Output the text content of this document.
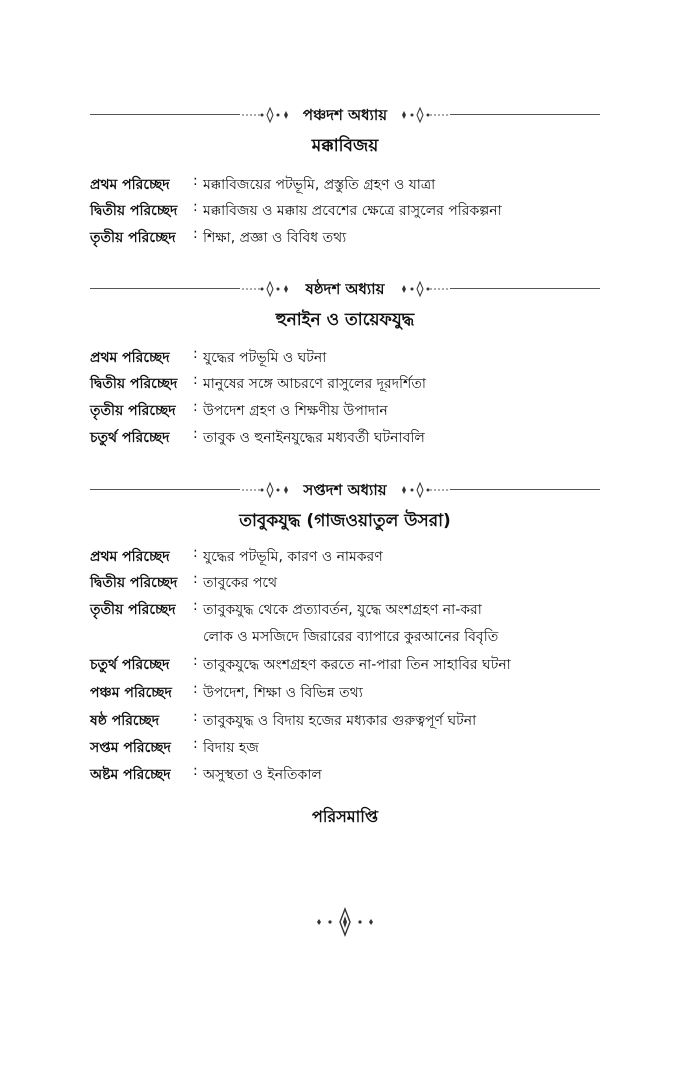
পঞ্চদশ অধ্যায়
মক্কাবিজয়
প্রথম পরিচ্ছেদ : মক্কাবিজয়ের পটভূমি, প্রস্তুতি গ্রহণ ও যাত্রা
দ্বিতীয় পরিচ্ছেদ : মক্কাবিজয় ও মক্কায় প্রবেশের ক্ষেত্রে রাসুলের পরিকল্পনা
তৃতীয় পরিচ্ছেদ : শিক্ষা, প্রজ্ঞা ও বিবিধ তথ্য
ষষ্ঠদশ অধ্যায়
হুনাইন ও তায়েফযুদ্ধ
প্রথম পরিচ্ছেদ : যুদ্ধের পটভূমি ও ঘটনা
দ্বিতীয় পরিচ্ছেদ : মানুষের সঙ্গে আচরণে রাসুলের দূরদর্শিতা
তৃতীয় পরিচ্ছেদ : উপদেশ গ্রহণ ও শিক্ষণীয় উপাদান
চতুর্থ পরিচ্ছেদ : তাবুক ও হুনাইনযুদ্ধের মধ্যবর্তী ঘটনাবলি
সপ্তদশ অধ্যায়
তাবুকযুদ্ধ (গাজওয়াতুল উসরা)
প্রথম পরিচ্ছেদ : যুদ্ধের পটভূমি, কারণ ও নামকরণ
দ্বিতীয় পরিচ্ছেদ : তাবুকের পথে
তৃতীয় পরিচ্ছেদ : তাবুকযুদ্ধ থেকে প্রত্যাবর্তন, যুদ্ধে অংশগ্রহণ না-করা
লোক ও মসজিদে জিরারের ব্যাপারে কুরআনের বিবৃতি
চতুর্থ পরিচ্ছেদ : তাবুকযুদ্ধে অংশগ্রহণ করতে না-পারা তিন সাহাবির ঘটনা
পঞ্চম পরিচ্ছেদ : উপদেশ, শিক্ষা ও বিভিন্ন তথ্য
ষষ্ঠ পরিচ্ছেদ : তাবুকযুদ্ধ ও বিদায় হজের মধ্যকার গুরুত্বপূর্ণ ঘটনা
সপ্তম পরিচ্ছেদ : বিদায় হজ
অষ্টম পরিচ্ছেদ : অসুস্থতা ও ইনতিকাল
পরিসমাপ্তি
